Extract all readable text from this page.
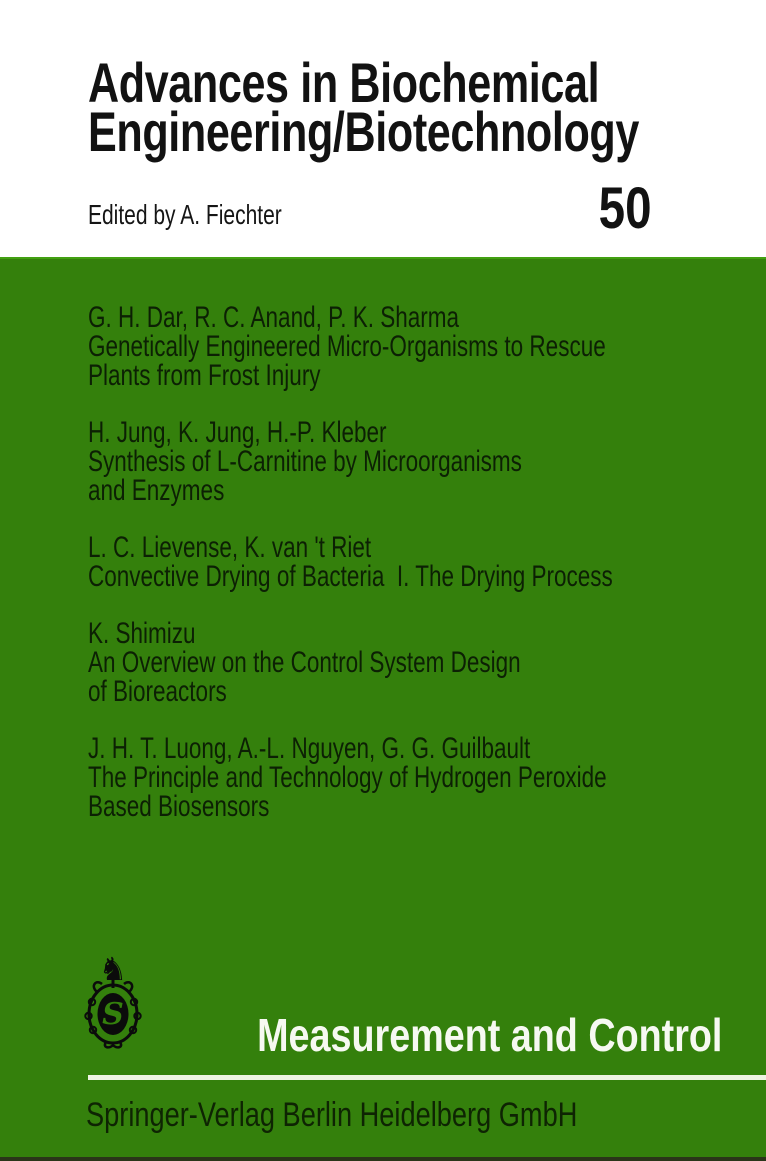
Advances in Biochemical
Engineering/Biotechnology
Edited by A. Fiechter	50
G. H. Dar, R. C. Anand, P. K. Sharma
Genetically Engineered Micro-Organisms to Rescue
Plants from Frost Injury
H. Jung, K. Jung, H.-P. Kleber
Synthesis of L-Carnitine by Microorganisms
and Enzymes
L. C. Lievense, K. van 't Riet
Convective Drying of Bacteria  I. The Drying Process
K. Shimizu
An Overview on the Control System Design
of Bioreactors
J. H. T. Luong, A.-L. Nguyen, G. G. Guilbault
The Principle and Technology of Hydrogen Peroxide
Based Biosensors
♞
S	Measurement and Control
Springer-Verlag Berlin Heidelberg GmbH
